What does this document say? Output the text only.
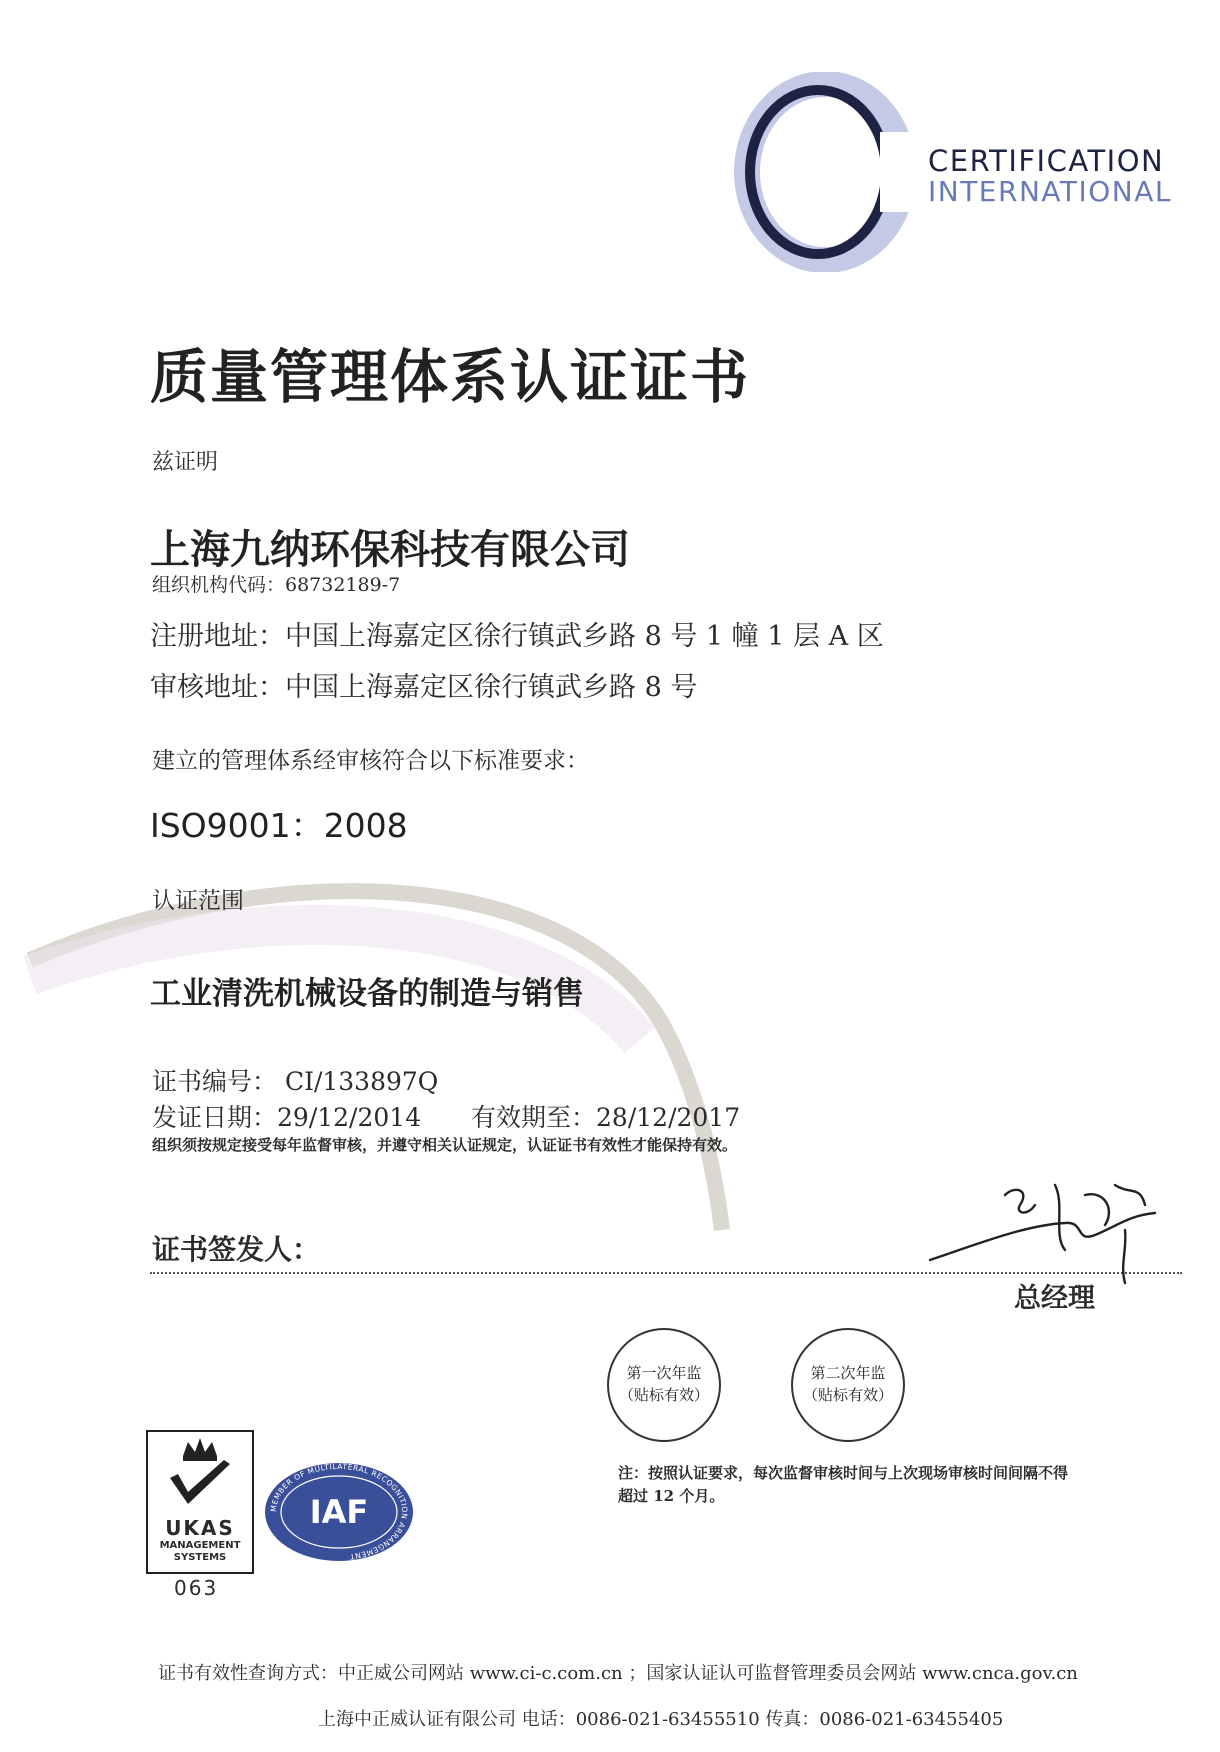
CERTIFICATION
INTERNATIONAL
质量管理体系认证证书
兹证明
上海九纳环保科技有限公司
组织机构代码：68732189-7
注册地址：中国上海嘉定区徐行镇武乡路 8 号 1 幢 1 层 A 区
审核地址：中国上海嘉定区徐行镇武乡路 8 号
建立的管理体系经审核符合以下标准要求：
ISO9001：2008
认证范围
工业清洗机械设备的制造与销售
证书编号： CI/133897Q
发证日期：29/12/2014 有效期至：28/12/2017
组织须按规定接受每年监督审核，并遵守相关认证规定，认证证书有效性才能保持有效。
证书签发人：
总经理
第一次年监
（贴标有效）
第二次年监
（贴标有效）
注：按照认证要求，每次监督审核时间与上次现场审核时间间隔不得
超过 12 个月。
UKAS
MANAGEMENT
SYSTEMS
063
MEMBER OF MULTILATERAL RECOGNITION ARRANGEMENT
IAF
证书有效性查询方式：中正威公司网站 www.ci-c.com.cn ；国家认证认可监督管理委员会网站 www.cnca.gov.cn
上海中正威认证有限公司 电话：0086-021-63455510 传真：0086-021-63455405
